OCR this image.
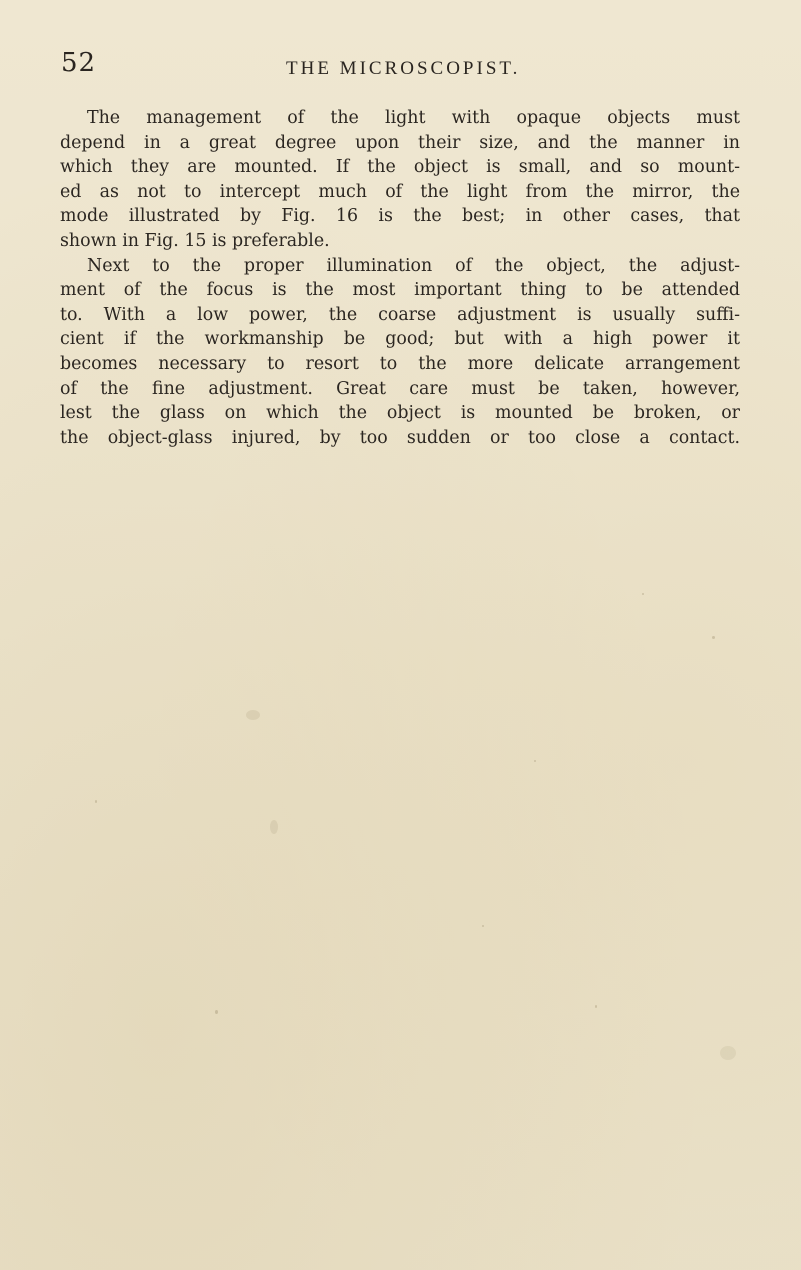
52	THE MICROSCOPIST.
The management of the light with opaque objects must
depend in a great degree upon their size, and the manner in
which they are mounted. If the object is small, and so mount-
ed as not to intercept much of the light from the mirror, the
mode illustrated by Fig. 16 is the best; in other cases, that
shown in Fig. 15 is preferable.
Next to the proper illumination of the object, the adjust-
ment of the focus is the most important thing to be attended
to. With a low power, the coarse adjustment is usually suffi-
cient if the workmanship be good; but with a high power it
becomes necessary to resort to the more delicate arrangement
of the fine adjustment. Great care must be taken, however,
lest the glass on which the object is mounted be broken, or
the object-glass injured, by too sudden or too close a contact.
